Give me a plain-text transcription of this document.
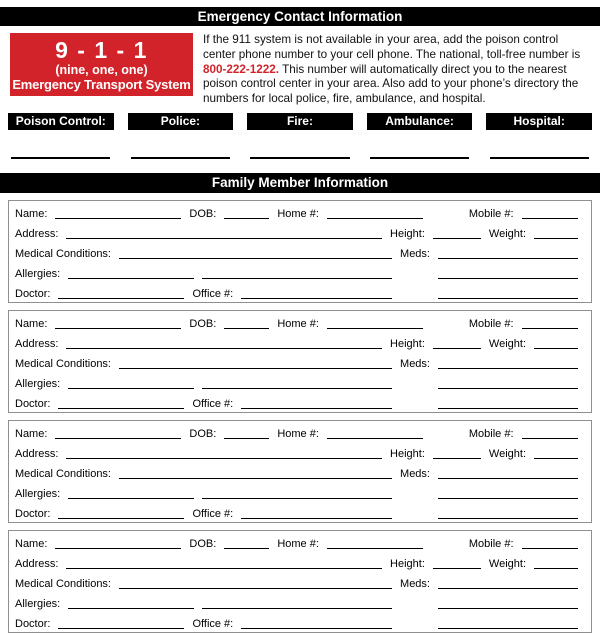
Emergency Contact Information
9 - 1 - 1
(nine, one, one)
Emergency Transport System
If the 911 system is not available in your area, add the poison control center phone number to your cell phone. The national, toll-free number is 800-222-1222. This number will automatically direct you to the nearest poison control center in your area. Also add to your phone’s directory the numbers for local police, fire, ambulance, and hospital.
Poison Control:	Police:	Fire:	Ambulance:	Hospital:
Family Member Information
Name:	DOB:	Home #:	Mobile #:
Address:	Height:	Weight:
Medical Conditions:	Meds:
Allergies:
Doctor:	Office #:
Name:	DOB:	Home #:	Mobile #:
Address:	Height:	Weight:
Medical Conditions:	Meds:
Allergies:
Doctor:	Office #:
Name:	DOB:	Home #:	Mobile #:
Address:	Height:	Weight:
Medical Conditions:	Meds:
Allergies:
Doctor:	Office #:
Name:	DOB:	Home #:	Mobile #:
Address:	Height:	Weight:
Medical Conditions:	Meds:
Allergies:
Doctor:	Office #:
